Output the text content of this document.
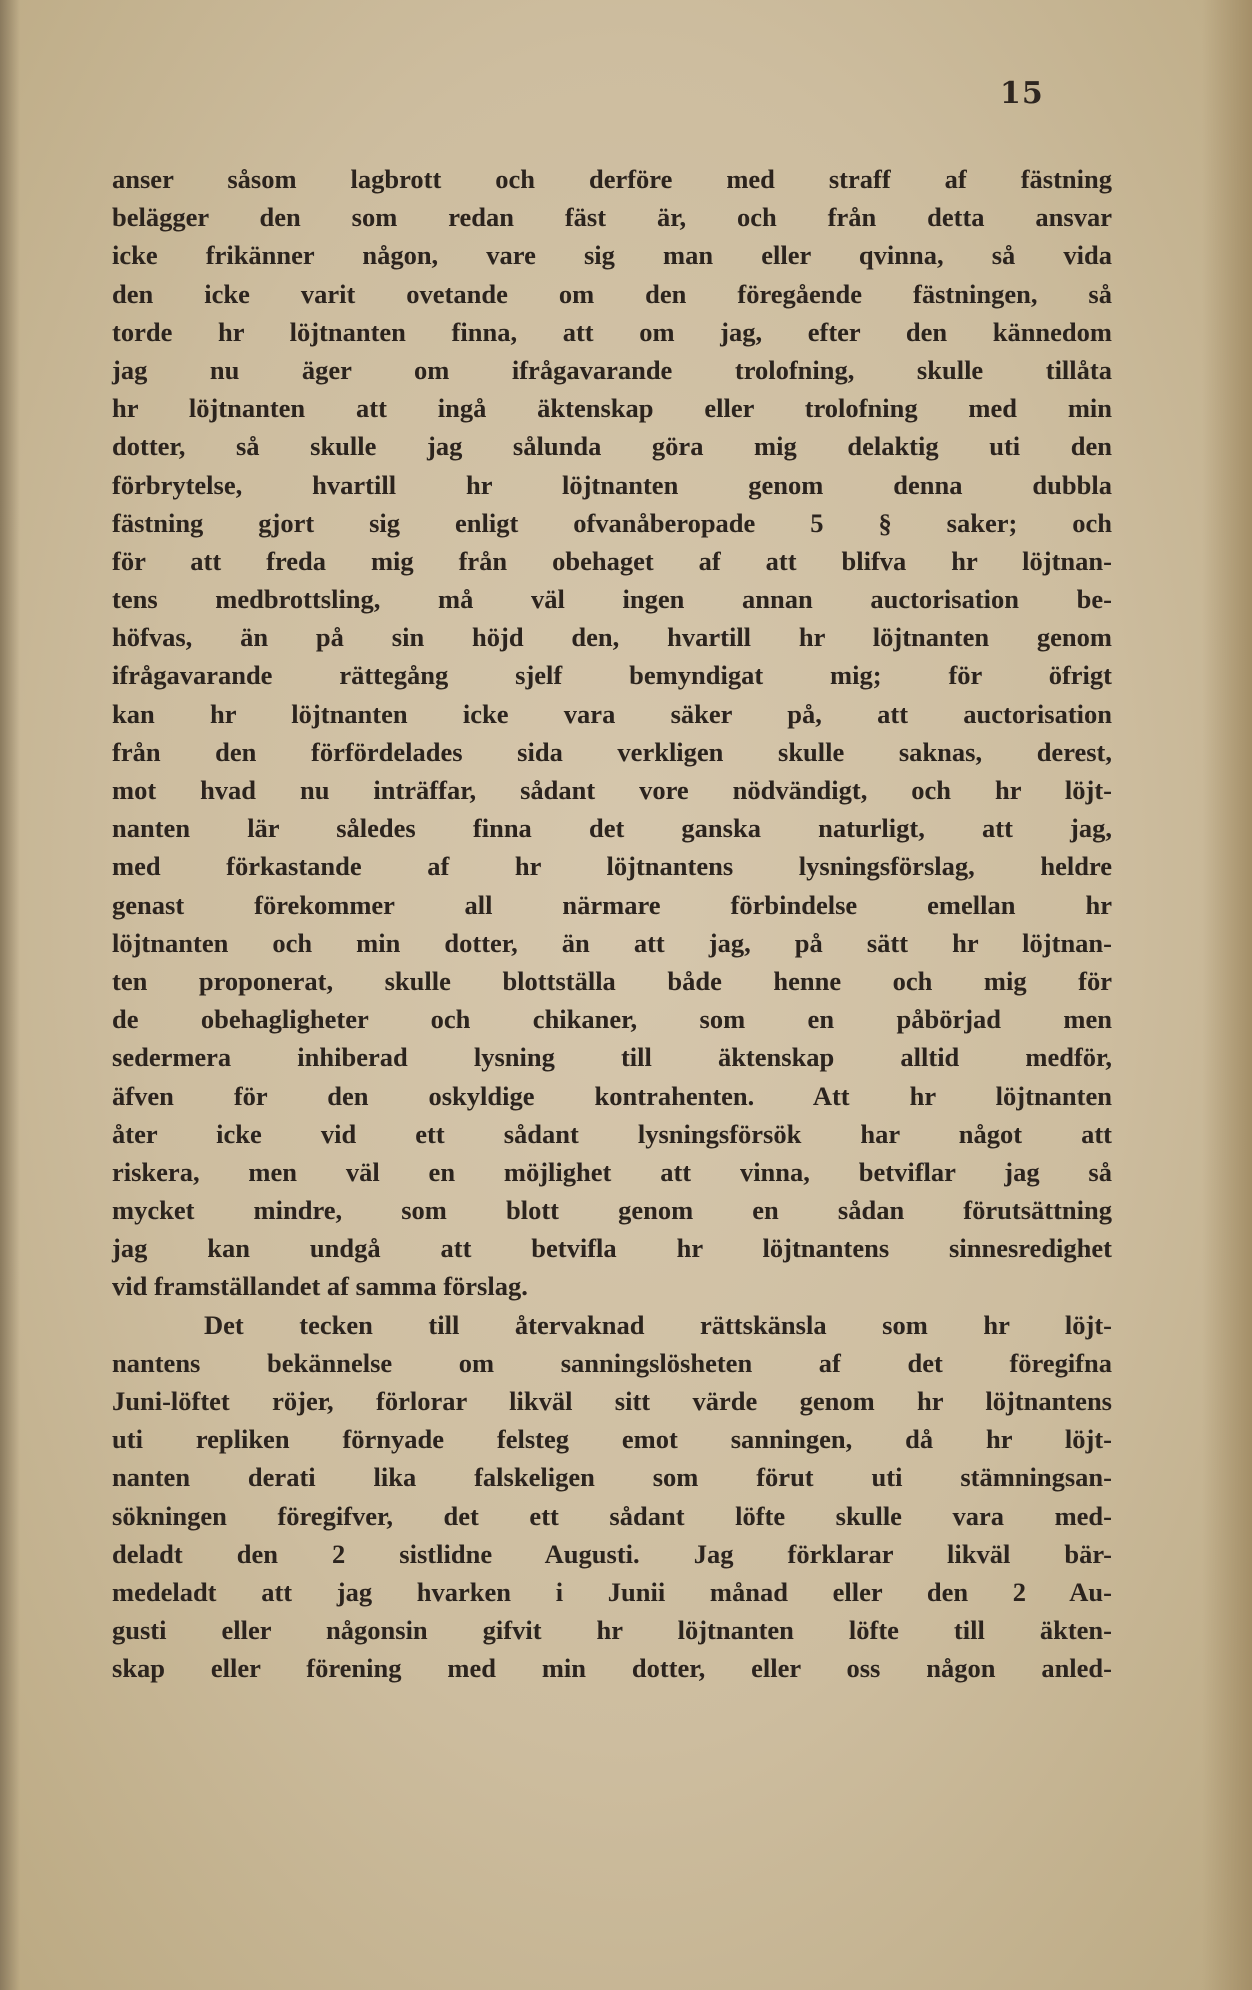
15
anser såsom lagbrott och derföre med straff af fästning
belägger den som redan fäst är, och från detta ansvar
icke frikänner någon, vare sig man eller qvinna, så vida
den icke varit ovetande om den föregående fästningen, så
torde hr löjtnanten finna, att om jag, efter den kännedom
jag nu äger om ifrågavarande trolofning, skulle tillåta
hr löjtnanten att ingå äktenskap eller trolofning med min
dotter, så skulle jag sålunda göra mig delaktig uti den
förbrytelse, hvartill hr löjtnanten genom denna dubbla
fästning gjort sig enligt ofvanåberopade 5 § saker; och
för att freda mig från obehaget af att blifva hr löjtnan-
tens medbrottsling, må väl ingen annan auctorisation be-
höfvas, än på sin höjd den, hvartill hr löjtnanten genom
ifrågavarande rättegång sjelf bemyndigat mig; för öfrigt
kan hr löjtnanten icke vara säker på, att auctorisation
från den förfördelades sida verkligen skulle saknas, derest,
mot hvad nu inträffar, sådant vore nödvändigt, och hr löjt-
nanten lär således finna det ganska naturligt, att jag,
med förkastande af hr löjtnantens lysningsförslag, heldre
genast förekommer all närmare förbindelse emellan hr
löjtnanten och min dotter, än att jag, på sätt hr löjtnan-
ten proponerat, skulle blottställa både henne och mig för
de obehagligheter och chikaner, som en påbörjad men
sedermera inhiberad lysning till äktenskap alltid medför,
äfven för den oskyldige kontrahenten. Att hr löjtnanten
åter icke vid ett sådant lysningsförsök har något att
riskera, men väl en möjlighet att vinna, betviflar jag så
mycket mindre, som blott genom en sådan förutsättning
jag kan undgå att betvifla hr löjtnantens sinnesredighet
vid framställandet af samma förslag.
Det tecken till återvaknad rättskänsla som hr löjt-
nantens bekännelse om sanningslösheten af det föregifna
Juni-löftet röjer, förlorar likväl sitt värde genom hr löjtnantens
uti repliken förnyade felsteg emot sanningen, då hr löjt-
nanten derati lika falskeligen som förut uti stämningsan-
sökningen föregifver, det ett sådant löfte skulle vara med-
deladt den 2 sistlidne Augusti. Jag förklarar likväl bär-
medeladt att jag hvarken i Junii månad eller den 2 Au-
gusti eller någonsin gifvit hr löjtnanten löfte till äkten-
skap eller förening med min dotter, eller oss någon anled-
